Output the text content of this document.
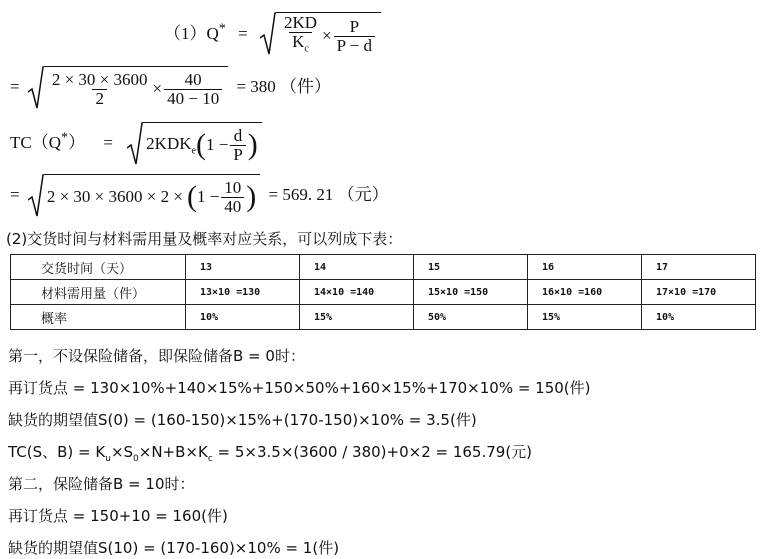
$(1)Q^* = \frac{2KD}{K_c} \times \frac{P}{P - d}$
= $\frac{2 \times 30 \times 3600}{2} \times \frac{40}{40 - 10} = 380$ （件）
$TC(Q^*) = 2KDK_e$ ( $1 - \frac{d}{P}$ )
= 2 × 30 × 3600 × 2 × ( $1 - \frac{10}{40}$ ) = 569. 21 （元）
(2)交货时间与材料需用量及概率对应关系，可以列成下表：
交货时间（天）	13	14	15	16	17
材料需用量（件）	13×10 =130	14×10 =140	15×10 =150	16×10 =160	17×10 =170
概率	10%	15%	50%	15%	10%
第一，不设保险储备，即保险储备B = 0时：
再订货点 = 130×10%+140×15%+150×50%+160×15%+170×10% = 150(件)
缺货的期望值S(0) = (160-150)×15%+(170-150)×10% = 3.5(件)
TC(S、$B) = K_u\times S_0\times N+B\times K_c = 5\times 3.5\times(3600 / 380)+0\times 2 = 165.79$(元)
第二，保险储备B = 10时：
再订货点 = 150+10 = 160(件)
缺货的期望值S(10) = (170-160)×10% = 1(件)
